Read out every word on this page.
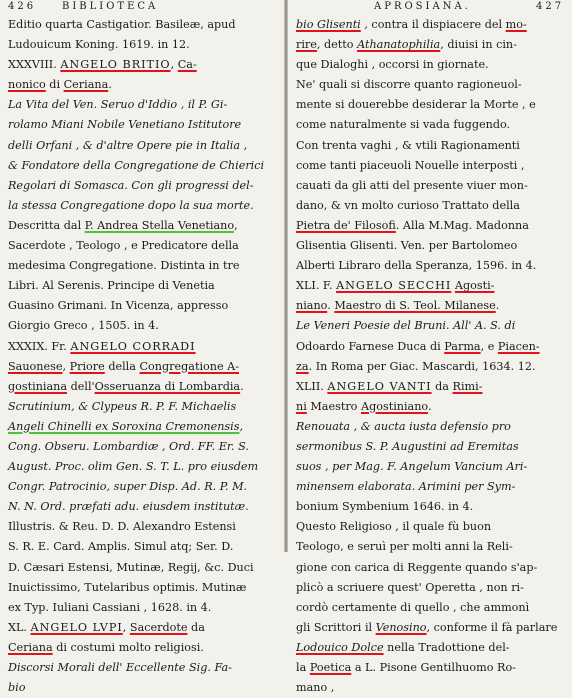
426	BIBLIOTECA
Editio quarta Castigatior. Basileæ, apud
Ludouicum Koning. 1619. in 12.
XXXVIII. ANGELO BRITIO, Ca-
nonico di Ceriana.
La Vita del Ven. Seruo d'Iddio , il P. Gi-
rolamo Miani Nobile Venetiano Istitutore
delli Orfani , & d'altre Opere pie in Italia ,
& Fondatore della Congregatione de Chierici
Regolari di Somasca. Con gli progressi del-
la stessa Congregatione dopo la sua morte.
Descritta dal P. Andrea Stella Venetiano,
Sacerdote , Teologo , e Predicatore della
medesima Congregatione. Distinta in tre
Libri. Al Serenis. Principe di Venetia
Guasino Grimani. In Vicenza, appresso
Giorgio Greco , 1505. in 4.
XXXIX. Fr. ANGELO CORRADI
Sauonese, Priore della Congregatione A-
gostiniana dell'Osseruanza di Lombardia.
Scrutinium, & Clypeus R. P. F. Michaelis
Angeli Chinelli ex Soroxina Cremonensis,
Cong. Obseru. Lombardiæ , Ord. FF. Er. S.
August. Proc. olim Gen. S. T. L. pro eiusdem
Congr. Patrocinio, super Disp. Ad. R. P. M.
N. N. Ord. præfati adu. eiusdem institutæ.
Illustris. & Reu. D. D. Alexandro Estensi
S. R. E. Card. Amplis. Simul atq; Ser. D.
D. Cæsari Estensi, Mutinæ, Regij, &c. Duci
Inuictissimo, Tutelaribus optimis. Mutinæ
ex Typ. Iuliani Cassiani , 1628. in 4.
XL. ANGELO LVPI, Sacerdote da
Ceriana di costumi molto religiosi.
Discorsi Morali dell' Eccellente Sig. Fa-
bio
APROSIANA.	427
bio Glisenti , contra il dispiacere del mo-
rire, detto Athanatophilia, diuisi in cin-
que Dialoghi , occorsi in giornate.
Ne' quali si discorre quanto ragioneuol-
mente si douerebbe desiderar la Morte , e
come naturalmente si vada fuggendo.
Con trenta vaghi , & vtili Ragionamenti
come tanti piaceuoli Nouelle interposti ,
cauati da gli atti del presente viuer mon-
dano, & vn molto curioso Trattato della
Pietra de' Filosofi. Alla M.Mag. Madonna
Glisentia Glisenti. Ven. per Bartolomeo
Alberti Libraro della Speranza, 1596. in 4.
XLI. F. ANGELO SECCHI Agosti-
niano. Maestro di S. Teol. Milanese.
Le Veneri Poesie del Bruni. All' A. S. di
Odoardo Farnese Duca di Parma, e Piacen-
za. In Roma per Giac. Mascardi, 1634. 12.
XLII. ANGELO VANTI da Rimi-
ni Maestro Agostiniano.
Renouata , & aucta iusta defensio pro
sermonibus S. P. Augustini ad Eremitas
suos , per Mag. F. Angelum Vancium Ari-
minensem elaborata. Arimini per Sym-
bonium Symbenium 1646. in 4.
Questo Religioso , il quale fù buon
Teologo, e seruì per molti anni la Reli-
gione con carica di Reggente quando s'ap-
plicò a scriuere quest' Operetta , non ri-
cordò certamente di quello , che ammonì
gli Scrittori il Venosino, conforme il fà parlare
Lodouico Dolce nella Tradottione del-
la Poetica a L. Pisone Gentilhuomo Ro-
mano ,
